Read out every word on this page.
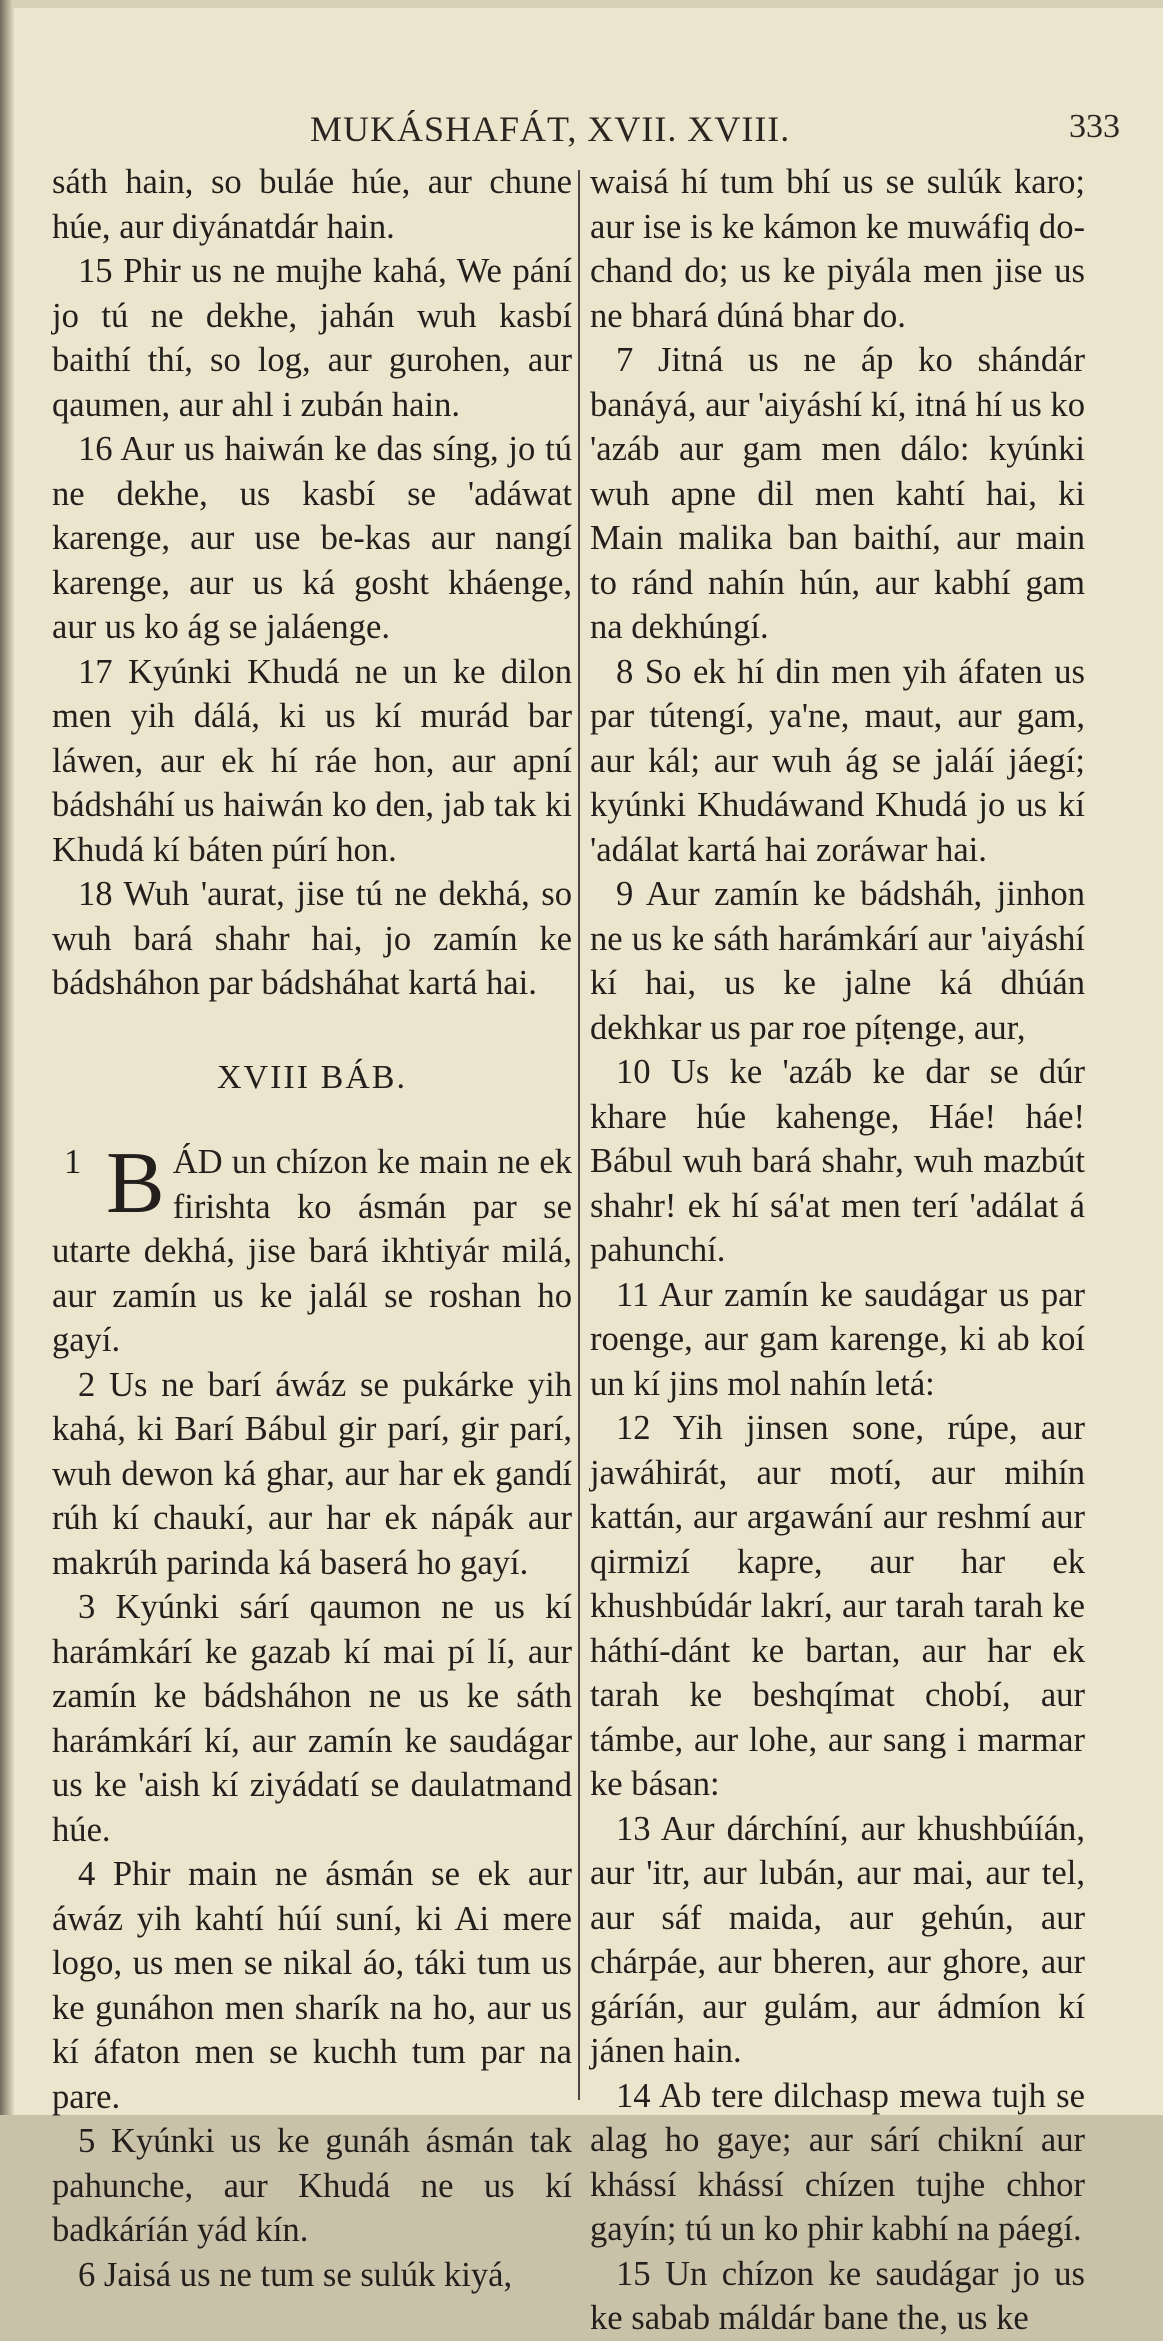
MUKÁSHAFÁT, XVII. XVIII.	333

sáth hain, so buláe húe, aur chune húe, aur diyánatdár hain.

15 Phir us ne mujhe kahá, We pání jo tú ne dekhe, jahán wuh kasbí baithí thí, so log, aur gurohen, aur qaumen, aur ahl i zubán hain.

16 Aur us haiwán ke das síng, jo tú ne dekhe, us kasbí se 'adáwat karenge, aur use be-kas aur nangí karenge, aur us ká gosht kháenge, aur us ko ág se jaláenge.

17 Kyúnki Khudá ne un ke dilon men yih dálá, ki us kí murád bar láwen, aur ek hí ráe hon, aur apní bádsháhí us haiwán ko den, jab tak ki Khudá kí báten púrí hon.

18 Wuh 'aurat, jise tú ne dekhá, so wuh bará shahr hai, jo zamín ke bádsháhon par bádsháhat kartá hai.

XVIII BÁB.

1 B ÁD un chízon ke main ne ek firishta ko ásmán par se utarte dekhá, jise bará ikhtiyár milá, aur zamín us ke jalál se roshan ho gayí.

2 Us ne barí áwáz se pukárke yih kahá, ki Barí Bábul gir parí, gir parí, wuh dewon ká ghar, aur har ek gandí rúh kí chaukí, aur har ek nápák aur makrúh parinda ká baserá ho gayí.

3 Kyúnki sárí qaumon ne us kí harámkárí ke gazab kí mai pí lí, aur zamín ke bádsháhon ne us ke sáth harámkárí kí, aur zamín ke saudágar us ke 'aish kí ziyádatí se daulatmand húe.

4 Phir main ne ásmán se ek aur áwáz yih kahtí húí suní, ki Ai mere logo, us men se nikal áo, táki tum us ke gunáhon men sharík na ho, aur us kí áfaton men se kuchh tum par na pare.

5 Kyúnki us ke gunáh ásmán tak pahunche, aur Khudá ne us kí badkáríán yád kín.

6 Jaisá us ne tum se sulúk kiyá,

waisá hí tum bhí us se sulúk karo; aur ise is ke kámon ke muwáfiq do-chand do; us ke piyála men jise us ne bhará dúná bhar do.

7 Jitná us ne áp ko shándár banáyá, aur 'aiyáshí kí, itná hí us ko 'azáb aur gam men dálo: kyúnki wuh apne dil men kahtí hai, ki Main malika ban baithí, aur main to ránd nahín hún, aur kabhí gam na dekhúngí.

8 So ek hí din men yih áfaten us par tútengí, ya'ne, maut, aur gam, aur kál; aur wuh ág se jaláí jáegí; kyúnki Khudáwand Khudá jo us kí 'adálat kartá hai zoráwar hai.

9 Aur zamín ke bádsháh, jinhon ne us ke sáth harámkárí aur 'aiyáshí kí hai, us ke jalne ká dhúán dekhkar us par roe píṭenge, aur,

10 Us ke 'azáb ke dar se dúr khare húe kahenge, Háe! háe! Bábul wuh bará shahr, wuh mazbút shahr! ek hí sá'at men terí 'adálat á pahunchí.

11 Aur zamín ke saudágar us par roenge, aur gam karenge, ki ab koí un kí jins mol nahín letá:

12 Yih jinsen sone, rúpe, aur jawáhirát, aur motí, aur mihín kattán, aur argawání aur reshmí aur qirmizí kapre, aur har ek khushbúdár lakrí, aur tarah tarah ke háthí-dánt ke bartan, aur har ek tarah ke beshqímat chobí, aur támbe, aur lohe, aur sang i marmar ke básan:

13 Aur dárchíní, aur khushbúíán, aur 'itr, aur lubán, aur mai, aur tel, aur sáf maida, aur gehún, aur chárpáe, aur bheren, aur ghore, aur gáríán, aur gulám, aur ádmíon kí jánen hain.

14 Ab tere dilchasp mewa tujh se alag ho gaye; aur sárí chikní aur khássí khássí chízen tujhe chhor gayín; tú un ko phir kabhí na páegí.

15 Un chízon ke saudágar jo us ke sabab máldár bane the, us ke
